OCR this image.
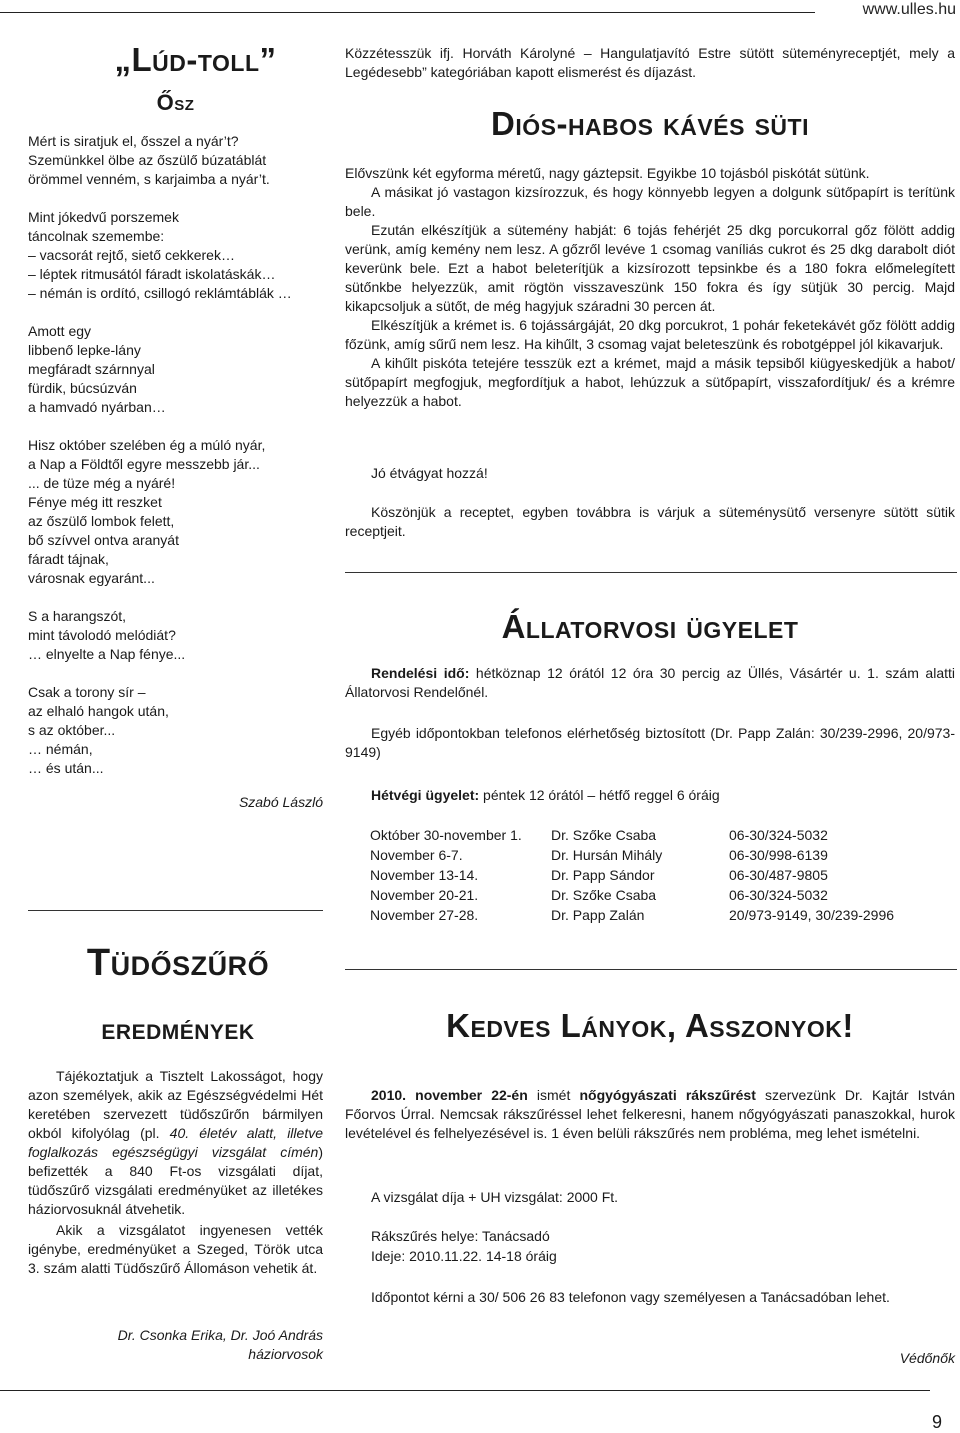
www.ulles.hu
„Lúd-toll”
Ősz
Mért is siratjuk el, ősszel a nyár’t?
Szemünkkel ölbe az őszülő búzatáblát
örömmel venném, s karjaimba a nyár’t.
Mint jókedvű porszemek
táncolnak szemembe:
– vacsorát rejtő, siető cekkerek…
– léptek ritmusától fáradt iskolatáskák…
– némán is ordító, csillogó reklámtáblák …
Amott egy
libbenő lepke-lány
megfáradt szárnnyal
fürdik, búcsúzván
a hamvadó nyárban…
Hisz október szelében ég a múló nyár,
a Nap a Földtől egyre messzebb jár...
... de tüze még a nyáré!
Fénye még itt reszket
az őszülő lombok felett,
bő szívvel ontva aranyát
fáradt tájnak,
városnak egyaránt...
S a harangszót,
mint távolodó melódiát?
… elnyelte a Nap fénye...
Csak a torony sír –
az elhaló hangok után,
s az október...
… némán,
… és után...
Szabó László
Tüdőszűrő
eredmények

Tájékoztatjuk a Tisztelt Lakosságot, hogy azon személyek, akik az Egészségvédelmi Hét keretében szervezett tüdőszűrőn bármilyen okból kifolyólag (pl. 40. életév alatt, illetve foglalkozás egészségügyi vizsgálat címén) befizették a 840 Ft-os vizsgálati díjat, tüdőszűrő vizsgálati eredményüket az illetékes háziorvosuknál átvehetik.

Akik a vizsgálatot ingyenesen vették igénybe, eredményüket a Szeged, Török utca 3. szám alatti Tüdőszűrő Állomáson vehetik át.

Dr. Csonka Erika, Dr. Joó András
háziorvosok
Közzétesszük ifj. Horváth Károlyné – Hangulatjavító Estre sütött süteményreceptjét, mely a Legédesebb” kategóriában kapott elismerést és díjazást.
Diós-habos kávés süti

Elővszünk két egyforma méretű, nagy gáztepsit. Egyikbe 10 tojásból piskótát sütünk.

A másikat jó vastagon kizsírozzuk, és hogy könnyebb legyen a dolgunk sütőpapírt is terítünk bele.

Ezután elkészítjük a sütemény habját: 6 tojás fehérjét 25 dkg porcukorral gőz fölött addig verünk, amíg kemény nem lesz. A gőzről levéve 1 csomag vaníliás cukrot és 25 dkg darabolt diót keverünk bele. Ezt a habot beleterítjük a kizsírozott tepsinkbe és a 180 fokra előmelegített sütőnkbe helyezzük, amit rögtön visszaveszünk 150 fokra és így sütjük 30 percig. Majd kikapcsoljuk a sütőt, de még hagyjuk száradni 30 percen át.

Elkészítjük a krémet is. 6 tojássárgáját, 20 dkg porcukrot, 1 pohár feketekávét gőz fölött addig főzünk, amíg sűrű nem lesz. Ha kihűlt, 3 csomag vajat beleteszünk és robotgéppel jól kikavarjuk.

A kihűlt piskóta tetejére tesszük ezt a krémet, majd a másik tepsiből kiügyeskedjük a habot/ sütőpapírt megfogjuk, megfordítjuk a habot, lehúzzuk a sütőpapírt, visszafordítjuk/ és a krémre helyezzük a habot.

Jó étvágyat hozzá!
Köszönjük a receptet, egyben továbbra is várjuk a süteménysütő versenyre sütött sütik receptjeit.
Állatorvosi ügyelet
Rendelési idő: hétköznap 12 órától 12 óra 30 percig az Üllés, Vásártér u. 1. szám alatti Állatorvosi Rendelőnél.
Egyéb időpontokban telefonos elérhetőség biztosított (Dr. Papp Zalán: 30/239-2996, 20/973-9149)
Hétvégi ügyelet: péntek 12 órától – hétfő reggel 6 óráig
Október 30-november 1.	Dr. Szőke Csaba	06-30/324-5032
November 6-7.	Dr. Hursán Mihály	06-30/998-6139
November 13-14.	Dr. Papp Sándor	06-30/487-9805
November 20-21.	Dr. Szőke Csaba	06-30/324-5032
November 27-28.	Dr. Papp Zalán	20/973-9149, 30/239-2996
Kedves Lányok, Asszonyok!
2010. november 22-én ismét nőgyógyászati rákszűrést szervezünk Dr. Kajtár István Főorvos Úrral. Nemcsak rákszűréssel lehet felkeresni, hanem nőgyógyászati panaszokkal, hurok levételével és felhelyezésével is. 1 éven belüli rákszűrés nem probléma, meg lehet ismételni.
A vizsgálat díja + UH vizsgálat: 2000 Ft.
Rákszűrés helye: Tanácsadó
Ideje: 2010.11.22. 14-18 óráig
Időpontot kérni a 30/ 506 26 83 telefonon vagy személyesen a Tanácsadóban lehet.
Védőnők
9
